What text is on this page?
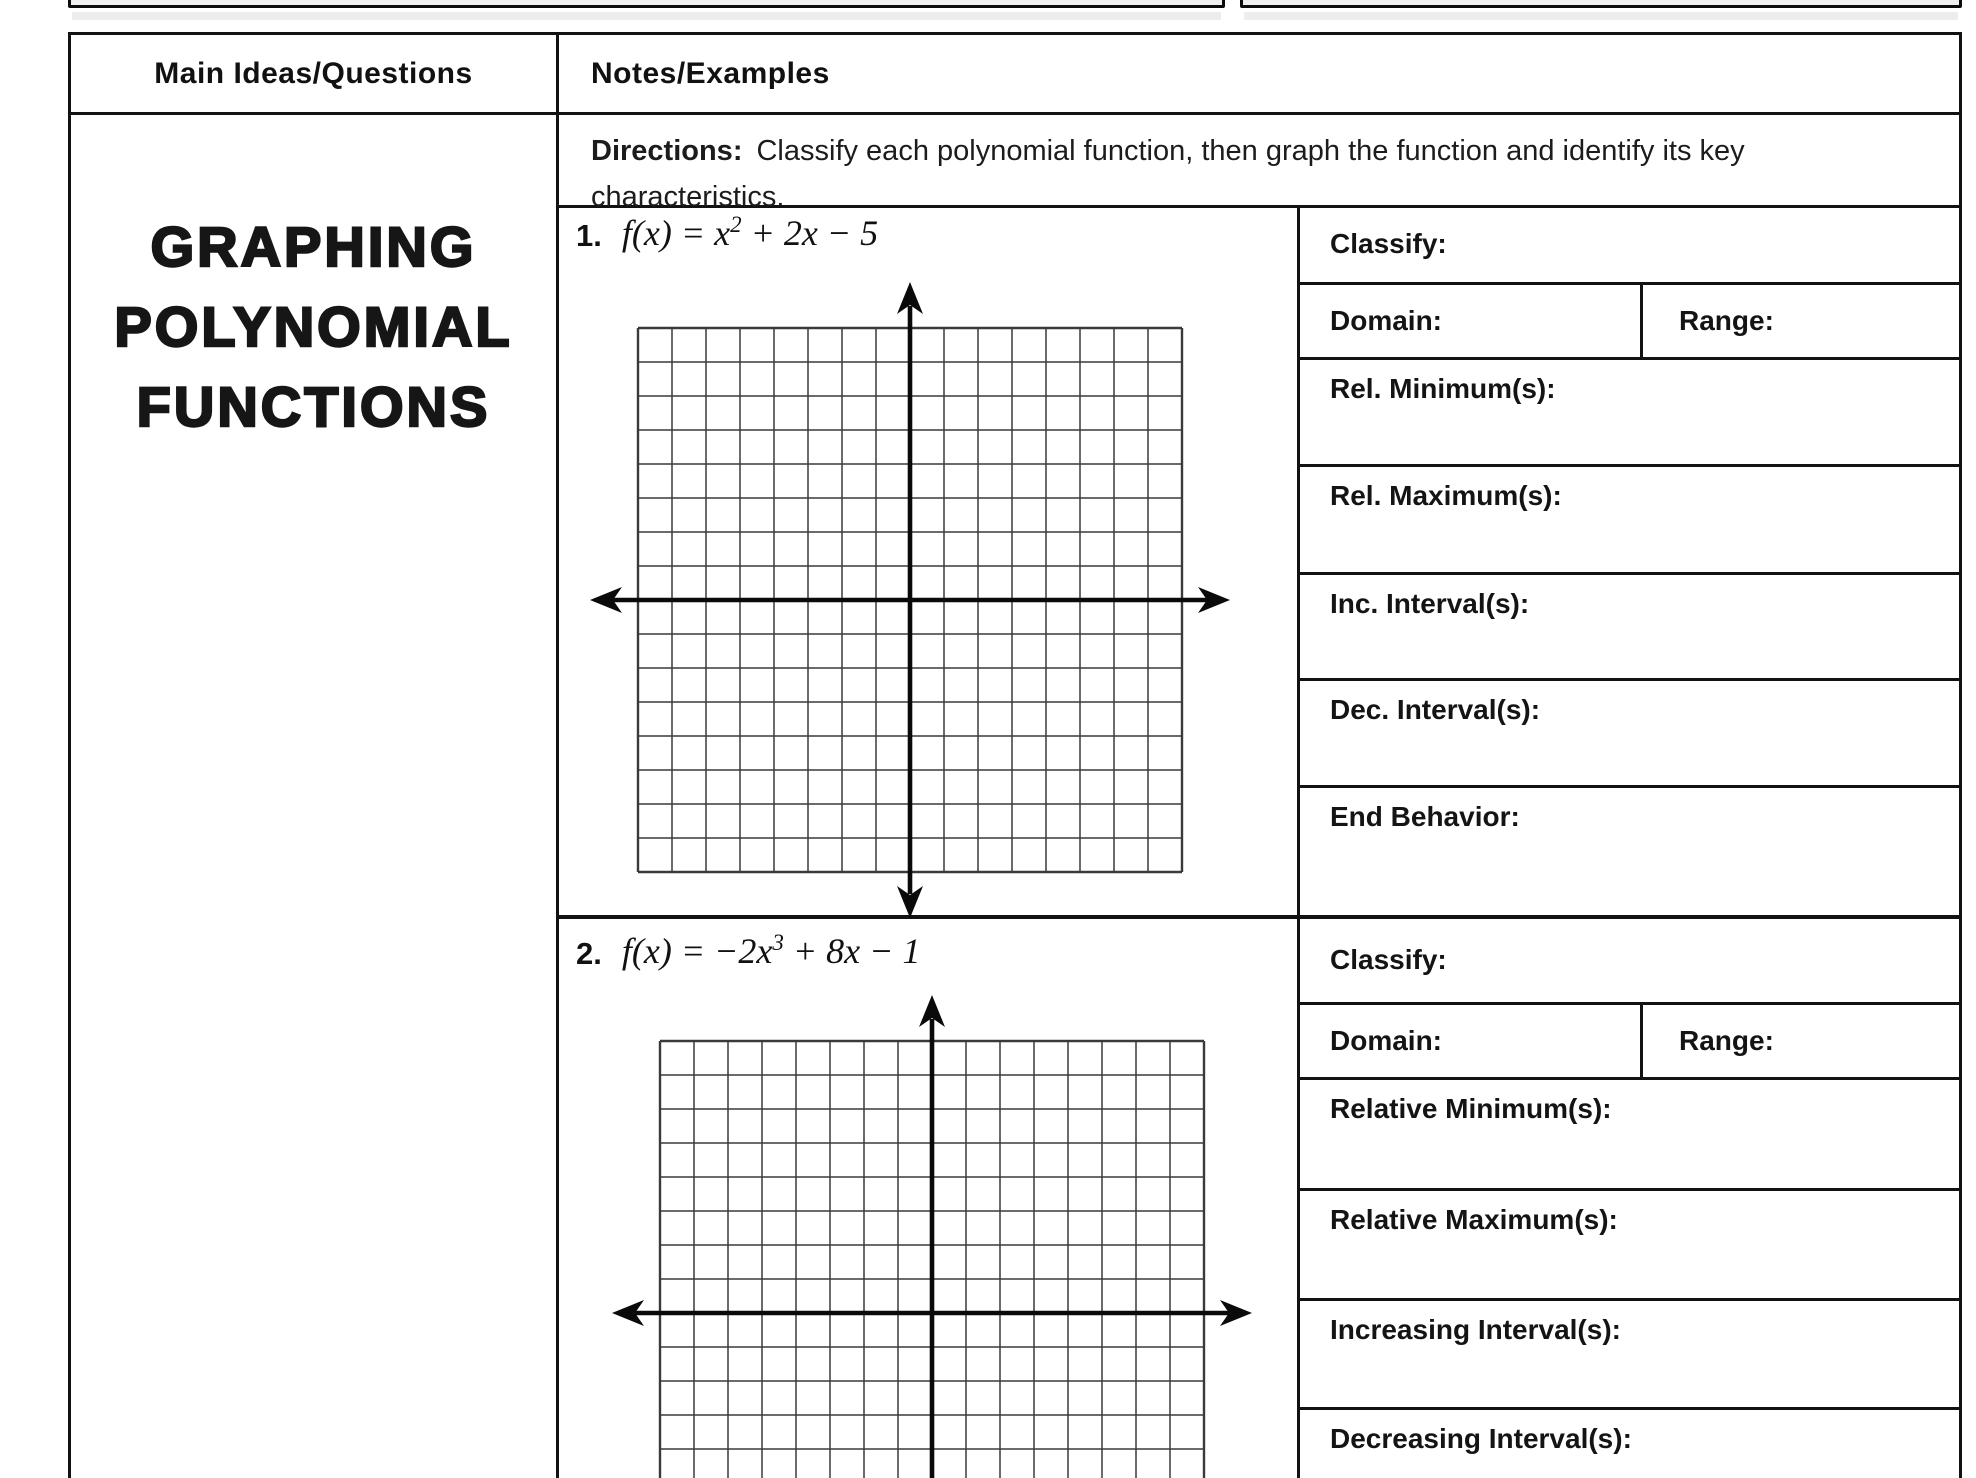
Main Ideas/Questions	Notes/Examples
GRAPHING
POLYNOMIAL
FUNCTIONS
Directions: Classify each polynomial function, then graph the function and identify its key characteristics.
1. $f(x) = x^2 + 2x - 5$	Classify:
Domain:	Range:
Rel. Minimum(s):
Rel. Maximum(s):
Inc. Interval(s):
Dec. Interval(s):
End Behavior:
2. $f(x) = -2x^3 + 8x - 1$	Classify:
Domain:	Range:
Relative Minimum(s):
Relative Maximum(s):
Increasing Interval(s):
Decreasing Interval(s):
